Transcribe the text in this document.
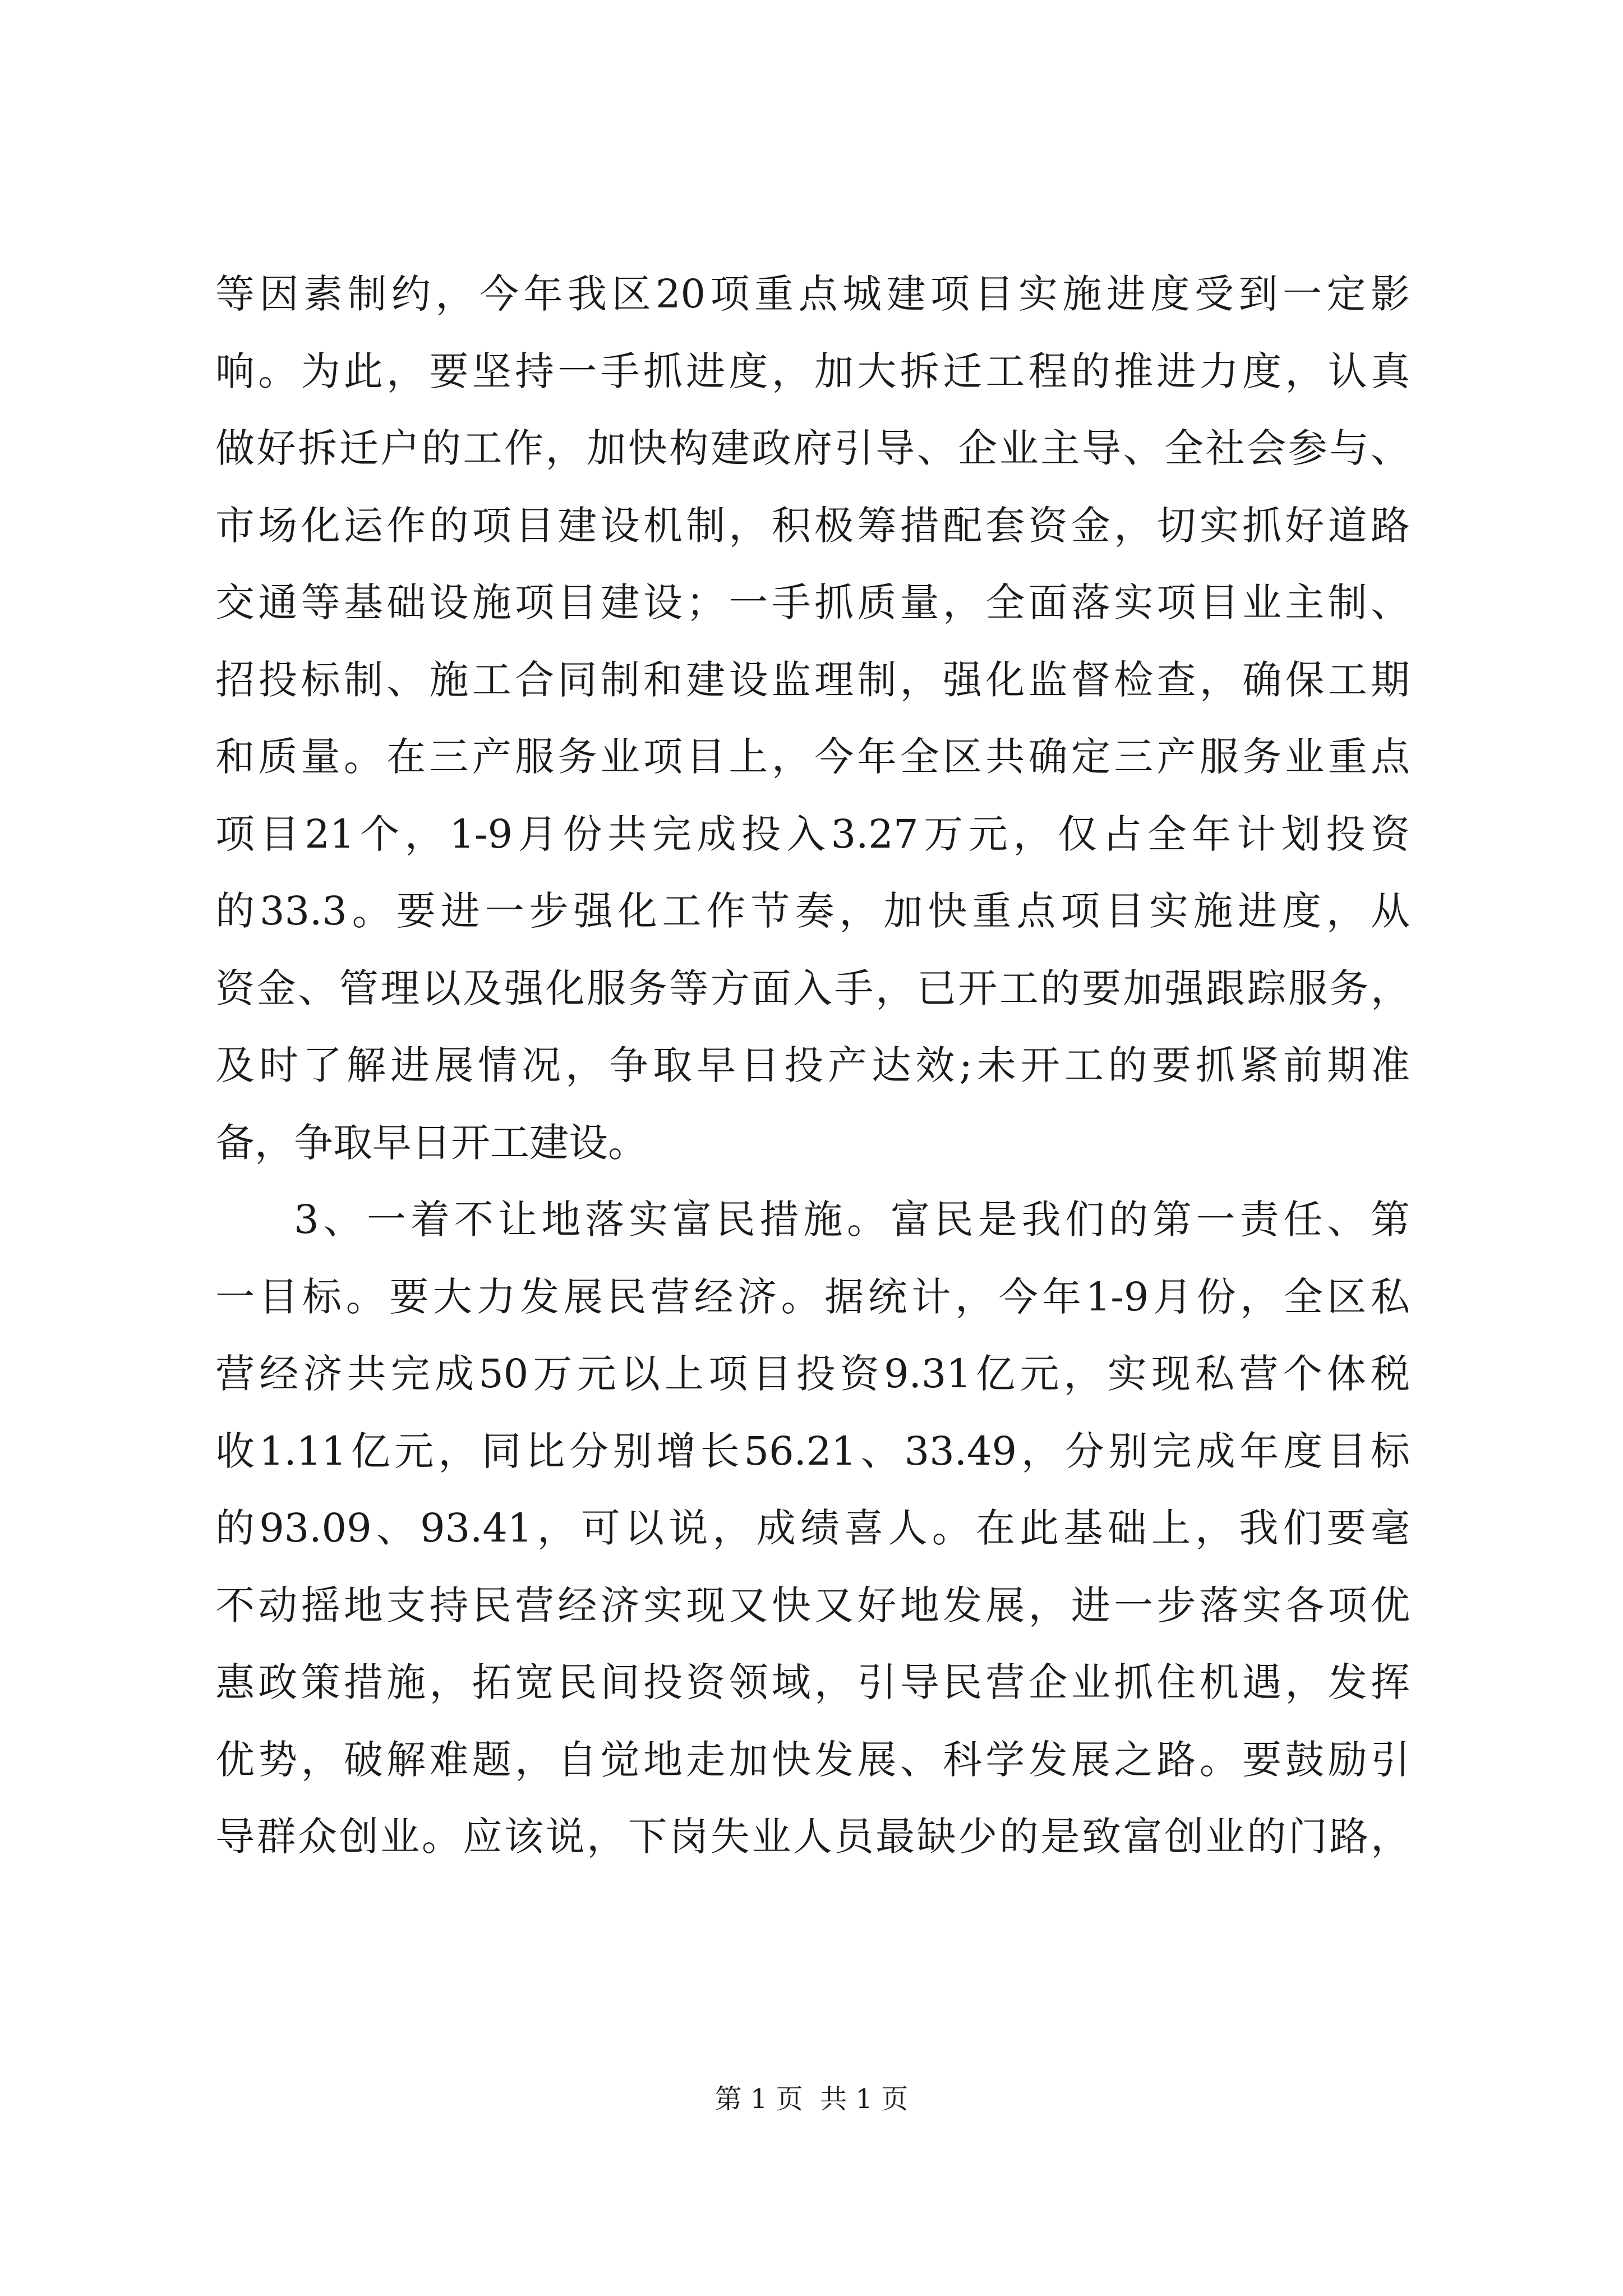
等因素制约，今年我区20项重点城建项目实施进度受到一定影
响。为此，要坚持一手抓进度，加大拆迁工程的推进力度，认真
做好拆迁户的工作，加快构建政府引导、企业主导、全社会参与、
市场化运作的项目建设机制，积极筹措配套资金，切实抓好道路
交通等基础设施项目建设；一手抓质量，全面落实项目业主制、
招投标制、施工合同制和建设监理制，强化监督检查，确保工期
和质量。在三产服务业项目上，今年全区共确定三产服务业重点
项目21个，1-9月份共完成投入3.27万元，仅占全年计划投资
的33.3。要进一步强化工作节奏，加快重点项目实施进度，从
资金、管理以及强化服务等方面入手，已开工的要加强跟踪服务，
及时了解进展情况，争取早日投产达效;未开工的要抓紧前期准
备，争取早日开工建设。
3、一着不让地落实富民措施。富民是我们的第一责任、第
一目标。要大力发展民营经济。据统计，今年1-9月份，全区私
营经济共完成50万元以上项目投资9.31亿元，实现私营个体税
收1.11亿元，同比分别增长56.21、33.49，分别完成年度目标
的93.09、93.41，可以说，成绩喜人。在此基础上，我们要毫
不动摇地支持民营经济实现又快又好地发展，进一步落实各项优
惠政策措施，拓宽民间投资领域，引导民营企业抓住机遇，发挥
优势，破解难题，自觉地走加快发展、科学发展之路。要鼓励引
导群众创业。应该说，下岗失业人员最缺少的是致富创业的门路，
第 1 页  共 1 页
